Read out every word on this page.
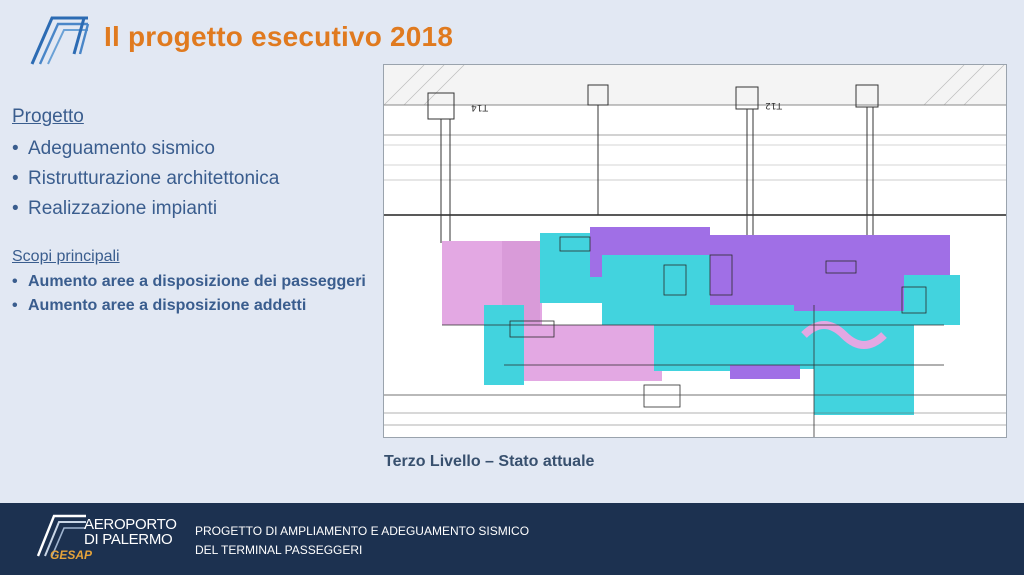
Il progetto esecutivo 2018
Progetto
• Adeguamento sismico
• Ristrutturazione architettonica
• Realizzazione impianti
Scopi principali
• Aumento aree a disposizione dei passeggeri
• Aumento aree a disposizione addetti
T14	T12
Terzo Livello – Stato attuale
AEROPORTO
DI PALERMO
GESAP
PROGETTO DI AMPLIAMENTO E ADEGUAMENTO SISMICO
DEL TERMINAL PASSEGGERI
